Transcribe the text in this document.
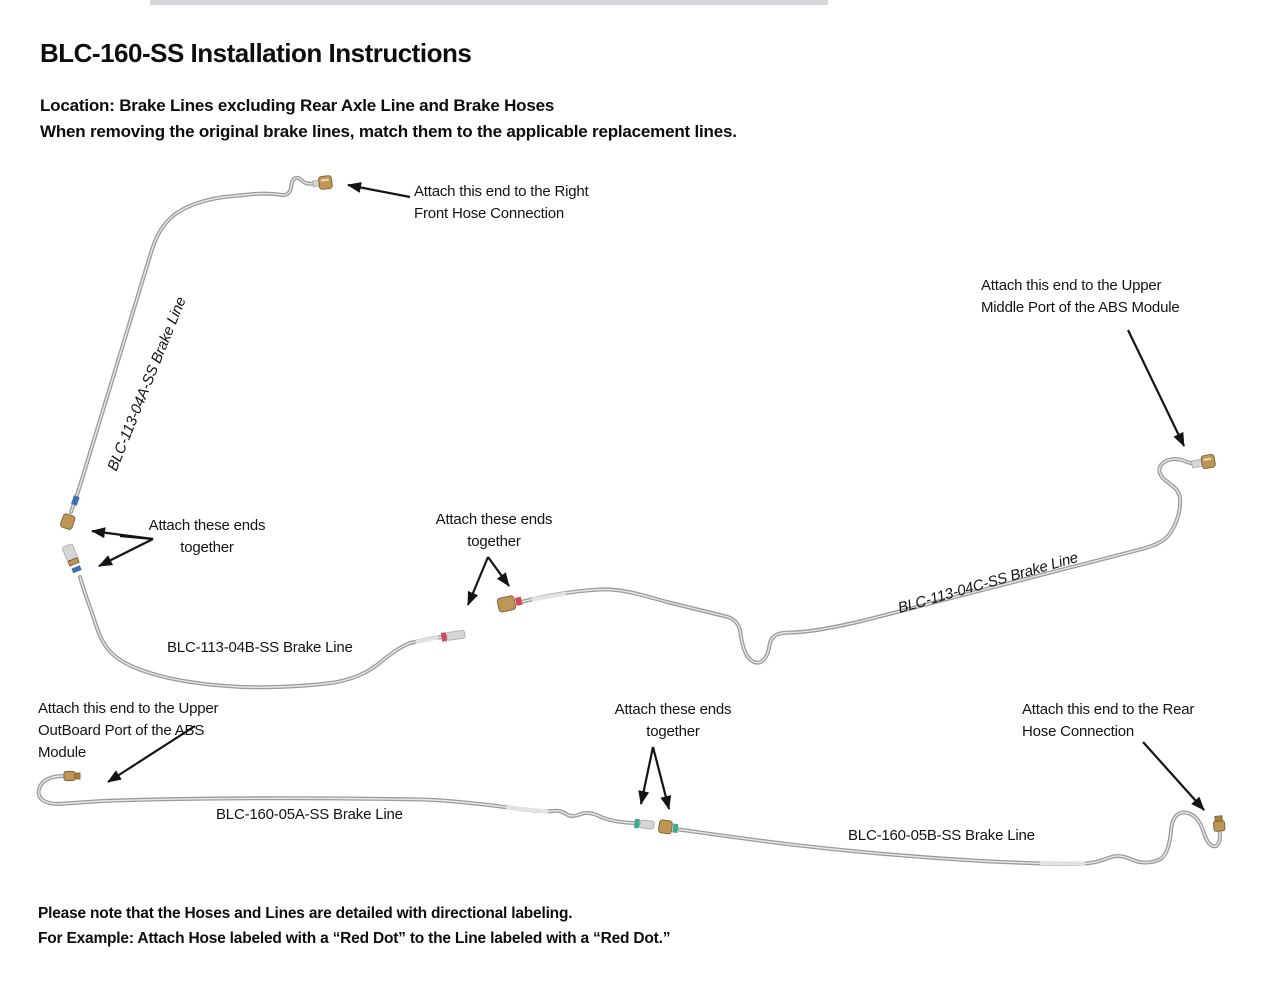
BLC-160-SS Installation Instructions
Location: Brake Lines excluding Rear Axle Line and Brake Hoses
When removing the original brake lines, match them to the applicable replacement lines.
BLC-113-04A-SS Brake Line
BLC-113-04C-SS Brake Line
BLC-113-04B-SS Brake Line
BLC-160-05A-SS Brake Line
BLC-160-05B-SS Brake Line
Attach this end to the Right
Front Hose Connection
Attach this end to the Upper
Middle Port of the ABS Module
Attach these ends
together
Attach these ends
together
Attach these ends
together
Attach this end to the Upper
OutBoard Port of the ABS
Module
Attach this end to the Rear
Hose Connection
Please note that the Hoses and Lines are detailed with directional labeling.
For Example: Attach Hose labeled with a “Red Dot” to the Line labeled with a “Red Dot.”
